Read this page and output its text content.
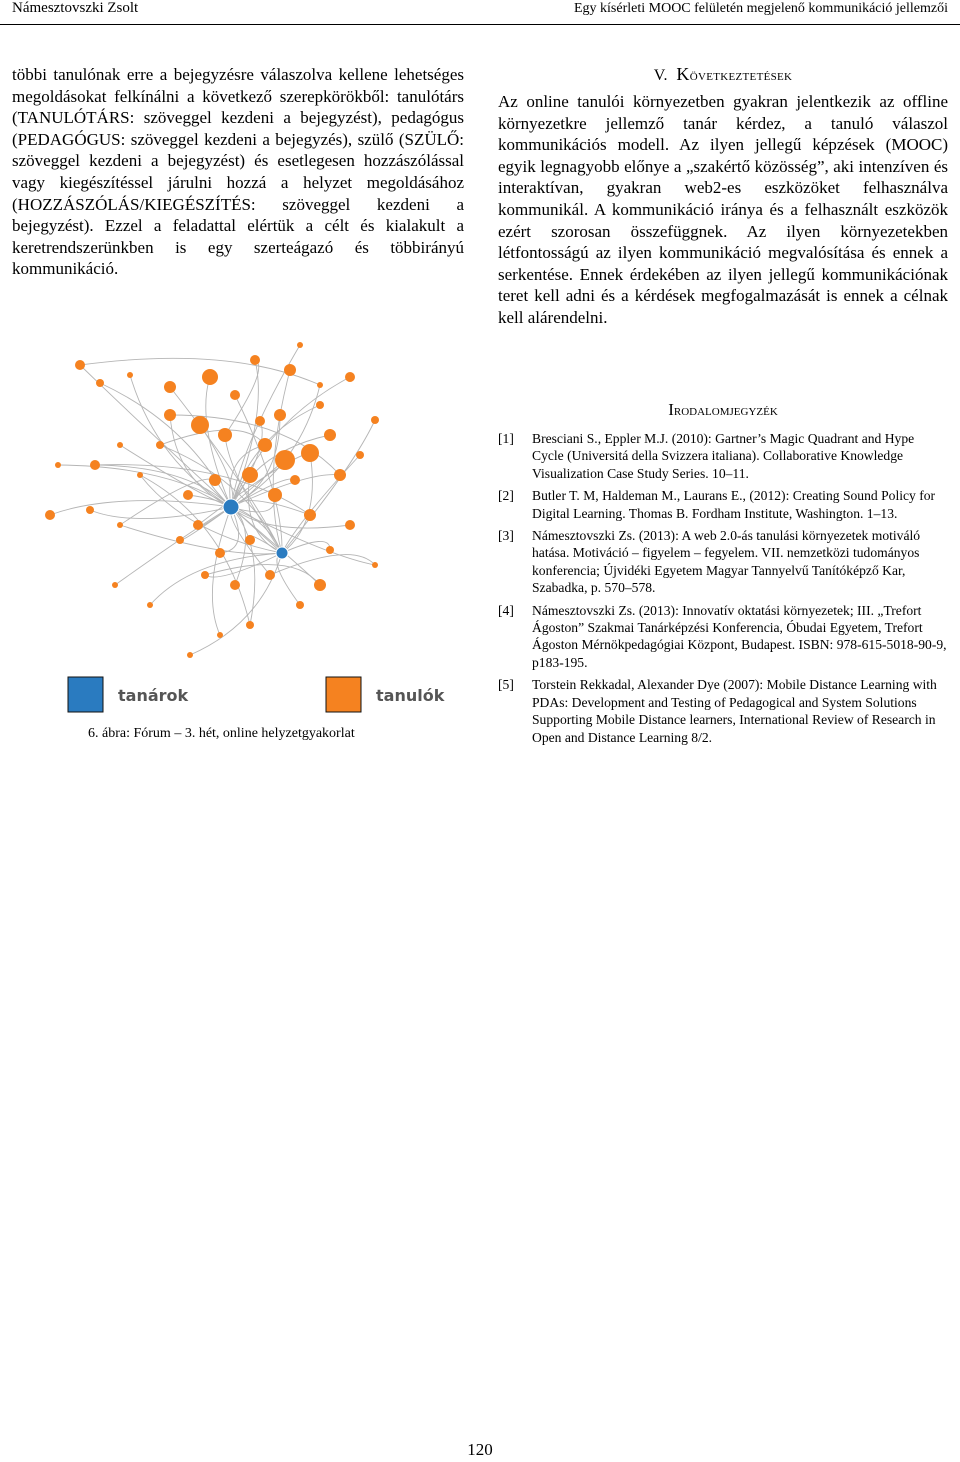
Námesztovszki Zsolt	Egy kísérleti MOOC felületén megjelenő kommunikáció jellemzői

többi tanulónak erre a bejegyzésre válaszolva kellene lehetséges megoldásokat felkínálni a következő szerepkörökből: tanulótárs (TANULÓTÁRS: szöveggel kezdeni a bejegyzést), pedagógus (PEDAGÓGUS: szöveggel kezdeni a bejegyzés), szülő (SZÜLŐ: szöveggel kezdeni a bejegyzést) és esetlegesen hozzászólással vagy kiegészítéssel járulni hozzá a helyzet megoldásához (HOZZÁSZÓLÁS/KIEGÉSZÍTÉS: szöveggel kezdeni a bejegyzést). Ezzel a feladattal elértük a célt és kialakult a keretrendszerünkben is egy szerteágazó és többirányú kommunikáció.

tanárok	tanulók
6. ábra: Fórum – 3. hét, online helyzetgyakorlat

V. Következtetések

Az online tanulói környezetben gyakran jelentkezik az offline környezetkre jellemző tanár kérdez, a tanuló válaszol kommunikációs modell. Az ilyen jellegű képzések (MOOC) egyik legnagyobb előnye a „szakértő közösség”, aki intenzíven és interaktívan, gyakran web2-es eszközöket felhasználva kommunikál. A kommunikáció iránya és a felhasznált eszközök ezért szorosan összefüggnek. Az ilyen környezetekben létfontosságú az ilyen kommunikáció megvalósítása és ennek a serkentése. Ennek érdekében az ilyen jellegű kommunikációnak teret kell adni és a kérdések megfogalmazását is ennek a célnak kell alárendelni.

Irodalomjegyzék

[1]	Bresciani S., Eppler M.J. (2010): Gartner’s Magic Quadrant and Hype Cycle (Universitá della Svizzera italiana). Collaborative Knowledge Visualization Case Study Series. 10–11.
[2]	Butler T. M, Haldeman M., Laurans E., (2012): Creating Sound Policy for Digital Learning. Thomas B. Fordham Institute, Washington. 1–13.
[3]	Námesztovszki Zs. (2013): A web 2.0-ás tanulási környezetek motiváló hatása. Motiváció – figyelem – fegyelem. VII. nemzetközi tudományos konferencia; Újvidéki Egyetem Magyar Tannyelvű Tanítóképző Kar, Szabadka, p. 570–578.
[4]	Námesztovszki Zs. (2013): Innovatív oktatási környezetek; III. „Trefort Ágoston” Szakmai Tanárképzési Konferencia, Óbudai Egyetem, Trefort Ágoston Mérnökpedagógiai Központ, Budapest. ISBN: 978-615-5018-90-9, p183-195.
[5]	Torstein Rekkadal, Alexander Dye (2007): Mobile Distance Learning with PDAs: Development and Testing of Pedagogical and System Solutions Supporting Mobile Distance learners, International Review of Research in Open and Distance Learning 8/2.
120
